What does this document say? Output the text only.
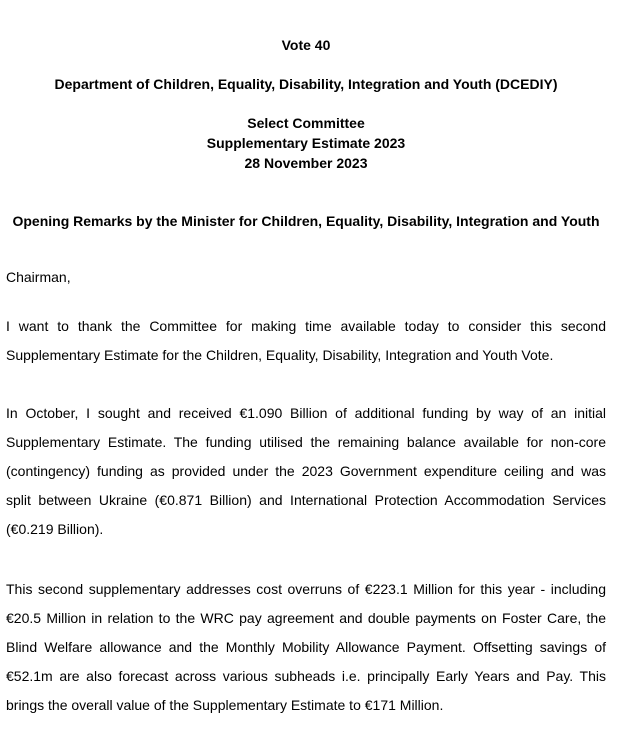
Vote 40
Department of Children, Equality, Disability, Integration and Youth (DCEDIY)
Select Committee
Supplementary Estimate 2023
28 November 2023
Opening Remarks by the Minister for Children, Equality, Disability, Integration and Youth
Chairman,
I want to thank the Committee for making time available today to consider this second
Supplementary Estimate for the Children, Equality, Disability, Integration and Youth Vote.
In October, I sought and received €1.090 Billion of additional funding by way of an initial
Supplementary Estimate. The funding utilised the remaining balance available for non-core
(contingency) funding as provided under the 2023 Government expenditure ceiling and was
split between Ukraine (€0.871 Billion) and International Protection Accommodation Services
(€0.219 Billion).
This second supplementary addresses cost overruns of €223.1 Million for this year - including
€20.5 Million in relation to the WRC pay agreement and double payments on Foster Care, the
Blind Welfare allowance and the Monthly Mobility Allowance Payment. Offsetting savings of
€52.1m are also forecast across various subheads i.e. principally Early Years and Pay. This
brings the overall value of the Supplementary Estimate to €171 Million.
